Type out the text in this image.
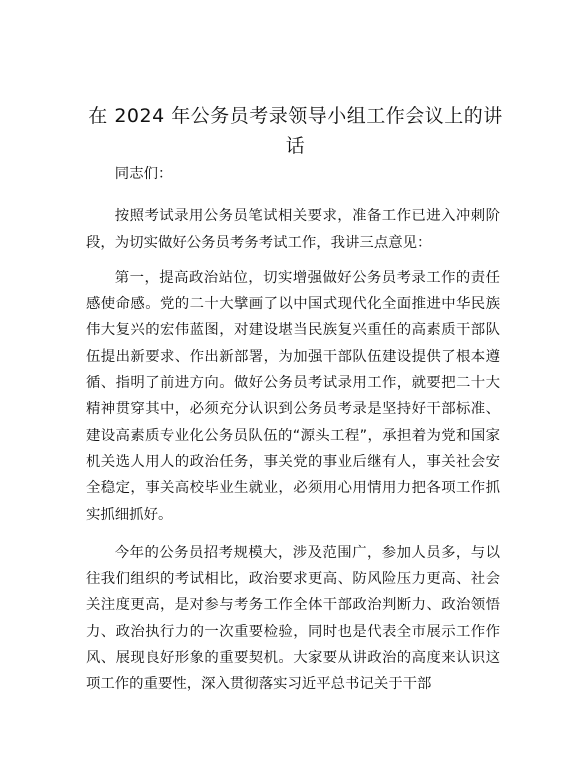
在 2024 年公务员考录领导小组工作会议上的讲话

同志们：

按照考试录用公务员笔试相关要求，准备工作已进入冲刺阶段，为切实做好公务员考务考试工作，我讲三点意见：

第一，提高政治站位，切实增强做好公务员考录工作的责任感使命感。党的二十大擘画了以中国式现代化全面推进中华民族伟大复兴的宏伟蓝图，对建设堪当民族复兴重任的高素质干部队伍提出新要求、作出新部署，为加强干部队伍建设提供了根本遵循、指明了前进方向。做好公务员考试录用工作，就要把二十大精神贯穿其中，必须充分认识到公务员考录是坚持好干部标准、建设高素质专业化公务员队伍的“源头工程”，承担着为党和国家机关选人用人的政治任务，事关党的事业后继有人，事关社会安全稳定，事关高校毕业生就业，必须用心用情用力把各项工作抓实抓细抓好。

今年的公务员招考规模大，涉及范围广，参加人员多，与以往我们组织的考试相比，政治要求更高、防风险压力更高、社会关注度更高，是对参与考务工作全体干部政治判断力、政治领悟力、政治执行力的一次重要检验，同时也是代表全市展示工作作风、展现良好形象的重要契机。大家要从讲政治的高度来认识这项工作的重要性，深入贯彻落实习近平总书记关于干部
